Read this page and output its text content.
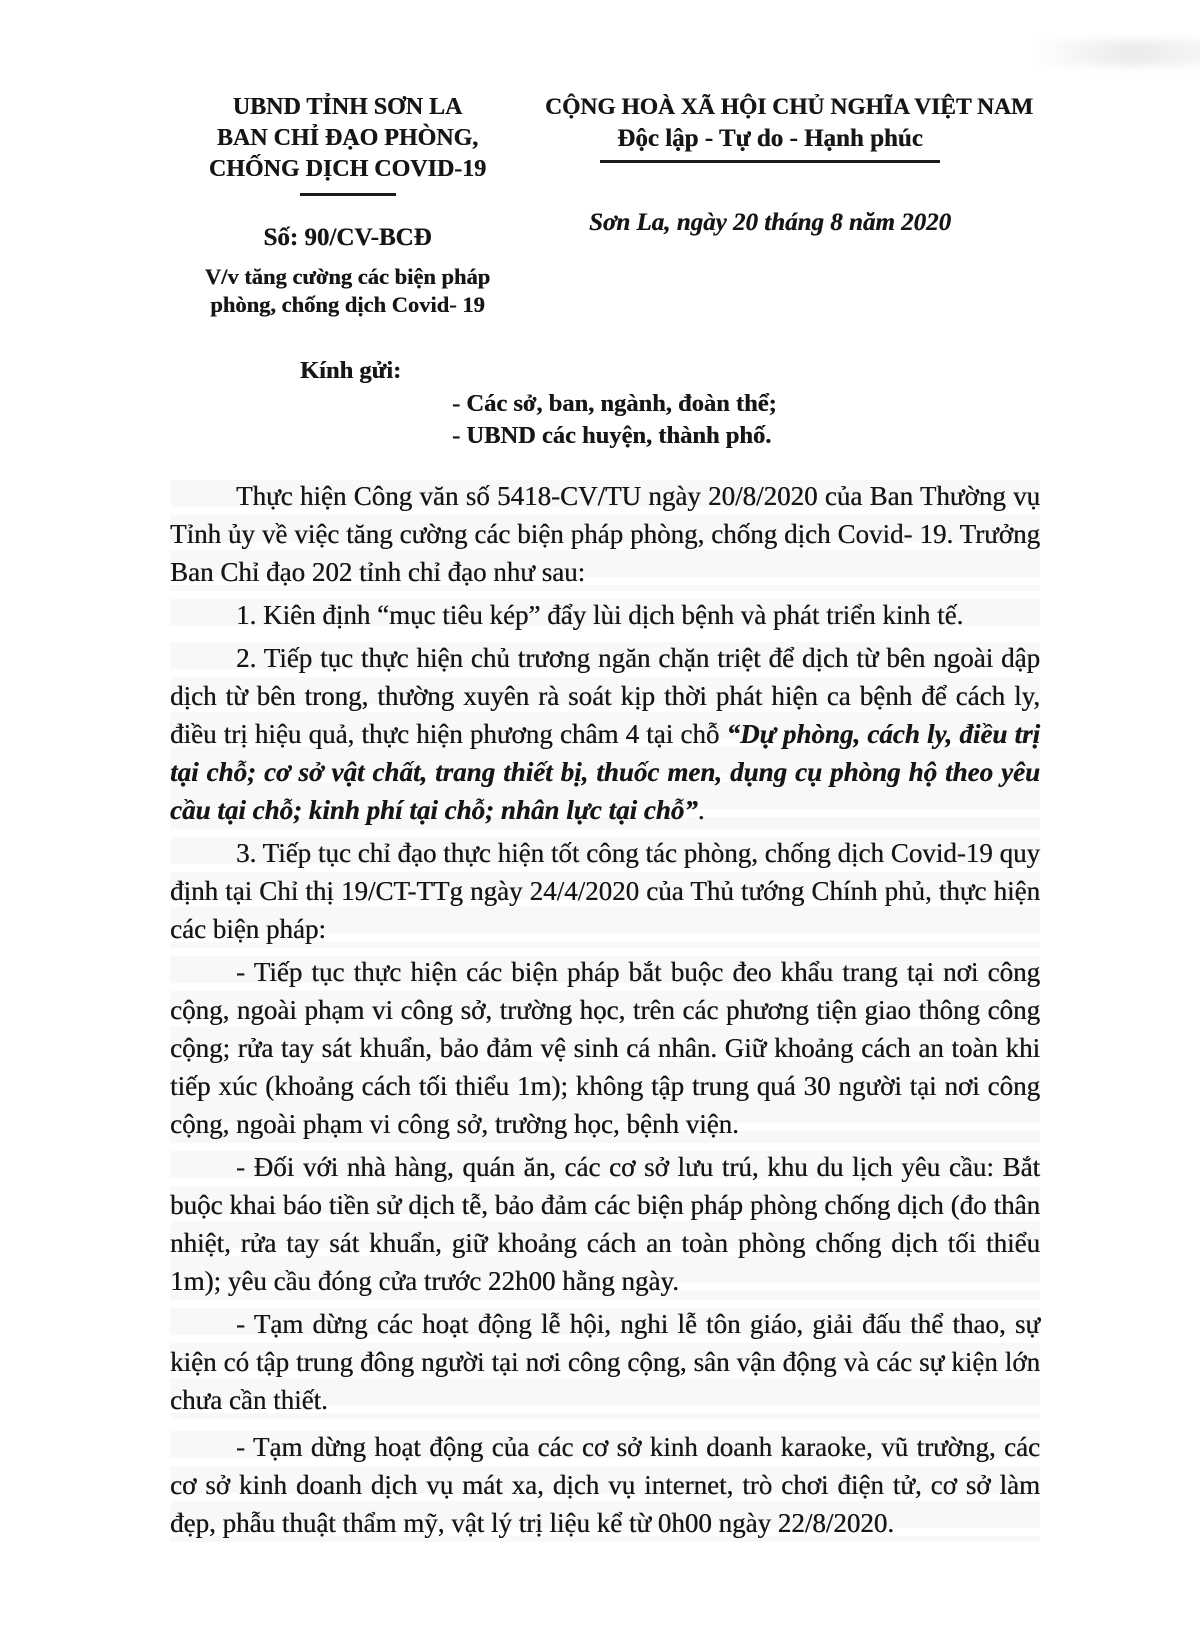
UBND TỈNH SƠN LA
BAN CHỈ ĐẠO PHÒNG,
CHỐNG DỊCH COVID-19
Số: 90/CV-BCĐ
V/v tăng cường các biện pháp
phòng, chống dịch Covid- 19
CỘNG HOÀ XÃ HỘI CHỦ NGHĨA VIỆT NAM
Độc lập - Tự do - Hạnh phúc
Sơn La, ngày 20 tháng 8 năm 2020
Kính gửi:
- Các sở, ban, ngành, đoàn thể;
- UBND các huyện, thành phố.

Thực hiện Công văn số 5418-CV/TU ngày 20/8/2020 của Ban Thường vụ Tỉnh ủy về việc tăng cường các biện pháp phòng, chống dịch Covid- 19. Trưởng Ban Chỉ đạo 202 tỉnh chỉ đạo như sau:

1. Kiên định “mục tiêu kép” đẩy lùi dịch bệnh và phát triển kinh tế.

2. Tiếp tục thực hiện chủ trương ngăn chặn triệt để dịch từ bên ngoài dập dịch từ bên trong, thường xuyên rà soát kịp thời phát hiện ca bệnh để cách ly, điều trị hiệu quả, thực hiện phương châm 4 tại chỗ “Dự phòng, cách ly, điều trị tại chỗ; cơ sở vật chất, trang thiết bị, thuốc men, dụng cụ phòng hộ theo yêu cầu tại chỗ; kinh phí tại chỗ; nhân lực tại chỗ”.

3. Tiếp tục chỉ đạo thực hiện tốt công tác phòng, chống dịch Covid-19 quy định tại Chỉ thị 19/CT-TTg ngày 24/4/2020 của Thủ tướng Chính phủ, thực hiện các biện pháp:

- Tiếp tục thực hiện các biện pháp bắt buộc đeo khẩu trang tại nơi công cộng, ngoài phạm vi công sở, trường học, trên các phương tiện giao thông công cộng; rửa tay sát khuẩn, bảo đảm vệ sinh cá nhân. Giữ khoảng cách an toàn khi tiếp xúc (khoảng cách tối thiểu 1m); không tập trung quá 30 người tại nơi công cộng, ngoài phạm vi công sở, trường học, bệnh viện.

- Đối với nhà hàng, quán ăn, các cơ sở lưu trú, khu du lịch yêu cầu: Bắt buộc khai báo tiền sử dịch tễ, bảo đảm các biện pháp phòng chống dịch (đo thân nhiệt, rửa tay sát khuẩn, giữ khoảng cách an toàn phòng chống dịch tối thiểu 1m); yêu cầu đóng cửa trước 22h00 hằng ngày.

- Tạm dừng các hoạt động lễ hội, nghi lễ tôn giáo, giải đấu thể thao, sự kiện có tập trung đông người tại nơi công cộng, sân vận động và các sự kiện lớn chưa cần thiết.

- Tạm dừng hoạt động của các cơ sở kinh doanh karaoke, vũ trường, các cơ sở kinh doanh dịch vụ mát xa, dịch vụ internet, trò chơi điện tử, cơ sở làm đẹp, phẫu thuật thẩm mỹ, vật lý trị liệu kể từ 0h00 ngày 22/8/2020.
